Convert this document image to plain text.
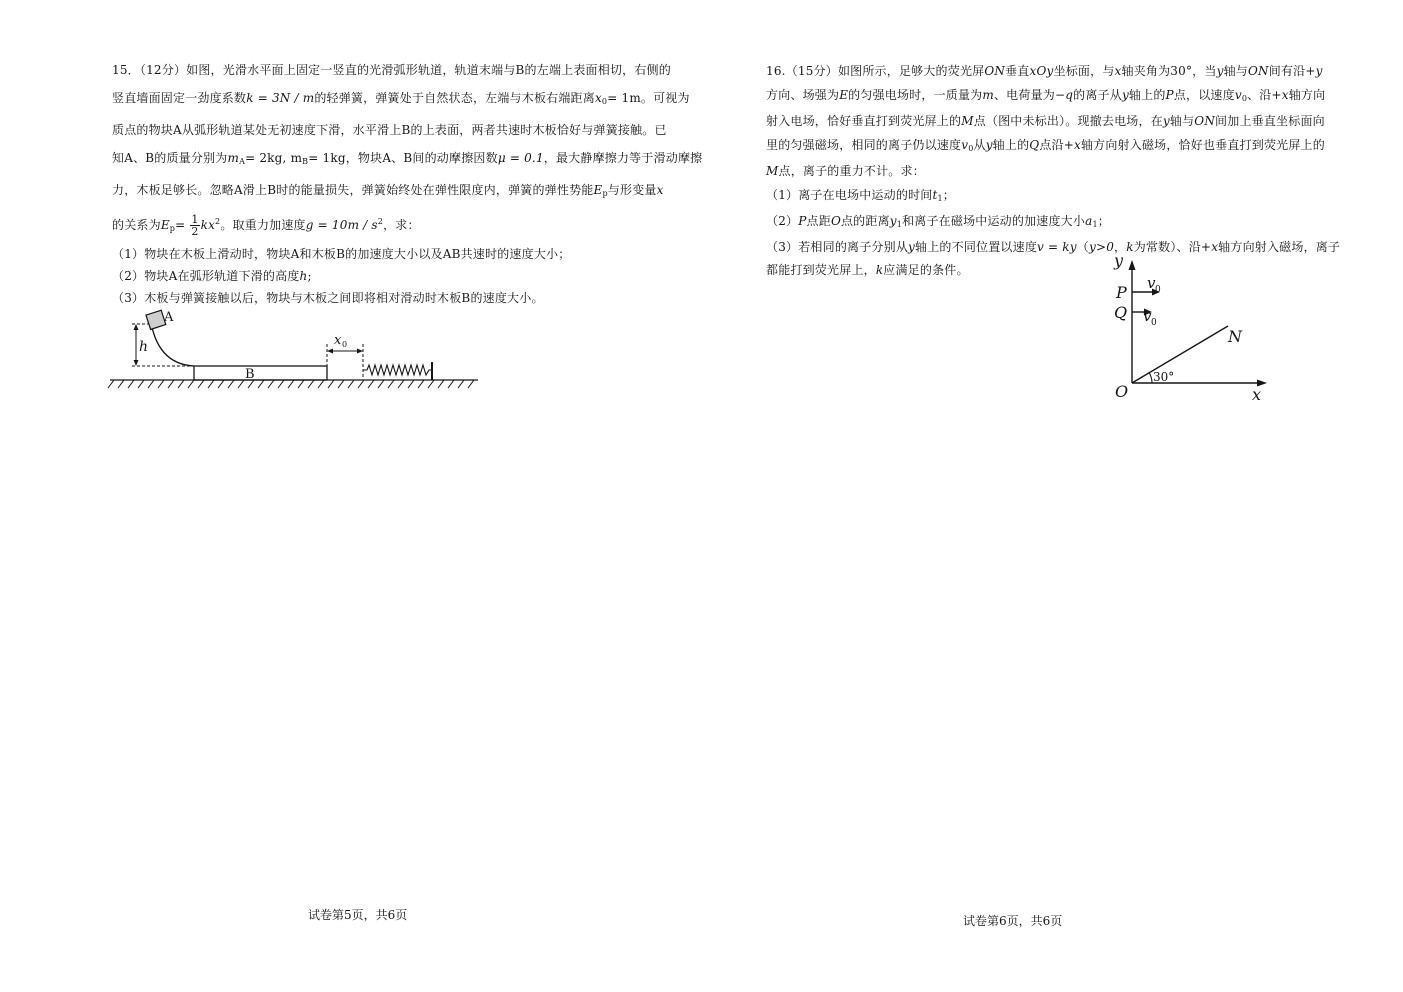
15．（12分）如图，光滑水平面上固定一竖直的光滑弧形轨道，轨道末端与B的左端上表面相切，右侧的

竖直墙面固定一劲度系数k = 3N / m的轻弹簧，弹簧处于自然状态，左端与木板右端距离$x_0= 1m$。可视为

质点的物块A从弧形轨道某处无初速度下滑，水平滑上B的上表面，两者共速时木板恰好与弹簧接触。已

知A、B的质量分别为$m_A= 2kg$, $m_B= 1kg$，物块A、B间的动摩擦因数μ = 0.1，最大静摩擦力等于滑动摩擦

力，木板足够长。忽略A滑上B时的能量损失，弹簧始终处在弹性限度内，弹簧的弹性势能$E_p$与形变量x

的关系为$E_p= \frac{1}{2} kx^2$。取重力加速度$g = 10m / s^2$，求：

（1）物块在木板上滑动时，物块A和木板B的加速度大小以及AB共速时的速度大小；

（2）物块A在弧形轨道下滑的高度h;

（3）木板与弹簧接触以后，物块与木板之间即将相对滑动时木板B的速度大小。

A
B
h	x 0
试卷第5页，共6页

16.（15分）如图所示，足够大的荧光屏ON垂直xOy坐标面，与x轴夹角为30°，当y轴与ON间有沿+y

方向、场强为E的匀强电场时，一质量为m、电荷量为−q的离子从y轴上的P点，以速度$v_0$、沿+x轴方向

射入电场，恰好垂直打到荧光屏上的M点（图中未标出）。现撤去电场，在y轴与ON间加上垂直坐标面向

里的匀强磁场，相同的离子仍以速度$v_0$从y轴上的Q点沿+x轴方向射入磁场，恰好也垂直打到荧光屏上的

M点，离子的重力不计。求：

（1）离子在电场中运动的时间$t_1$；

（2）P点距O点的距离$y_1$和离子在磁场中运动的加速度大小$a_1$；

（3）若相同的离子分别从y轴上的不同位置以速度v = ky（y>0，k为常数）、沿+x轴方向射入磁场，离子

都能打到荧光屏上，k应满足的条件。	y
x
P
Q
O
N
v 0
v 0
30°
试卷第6页，共6页
